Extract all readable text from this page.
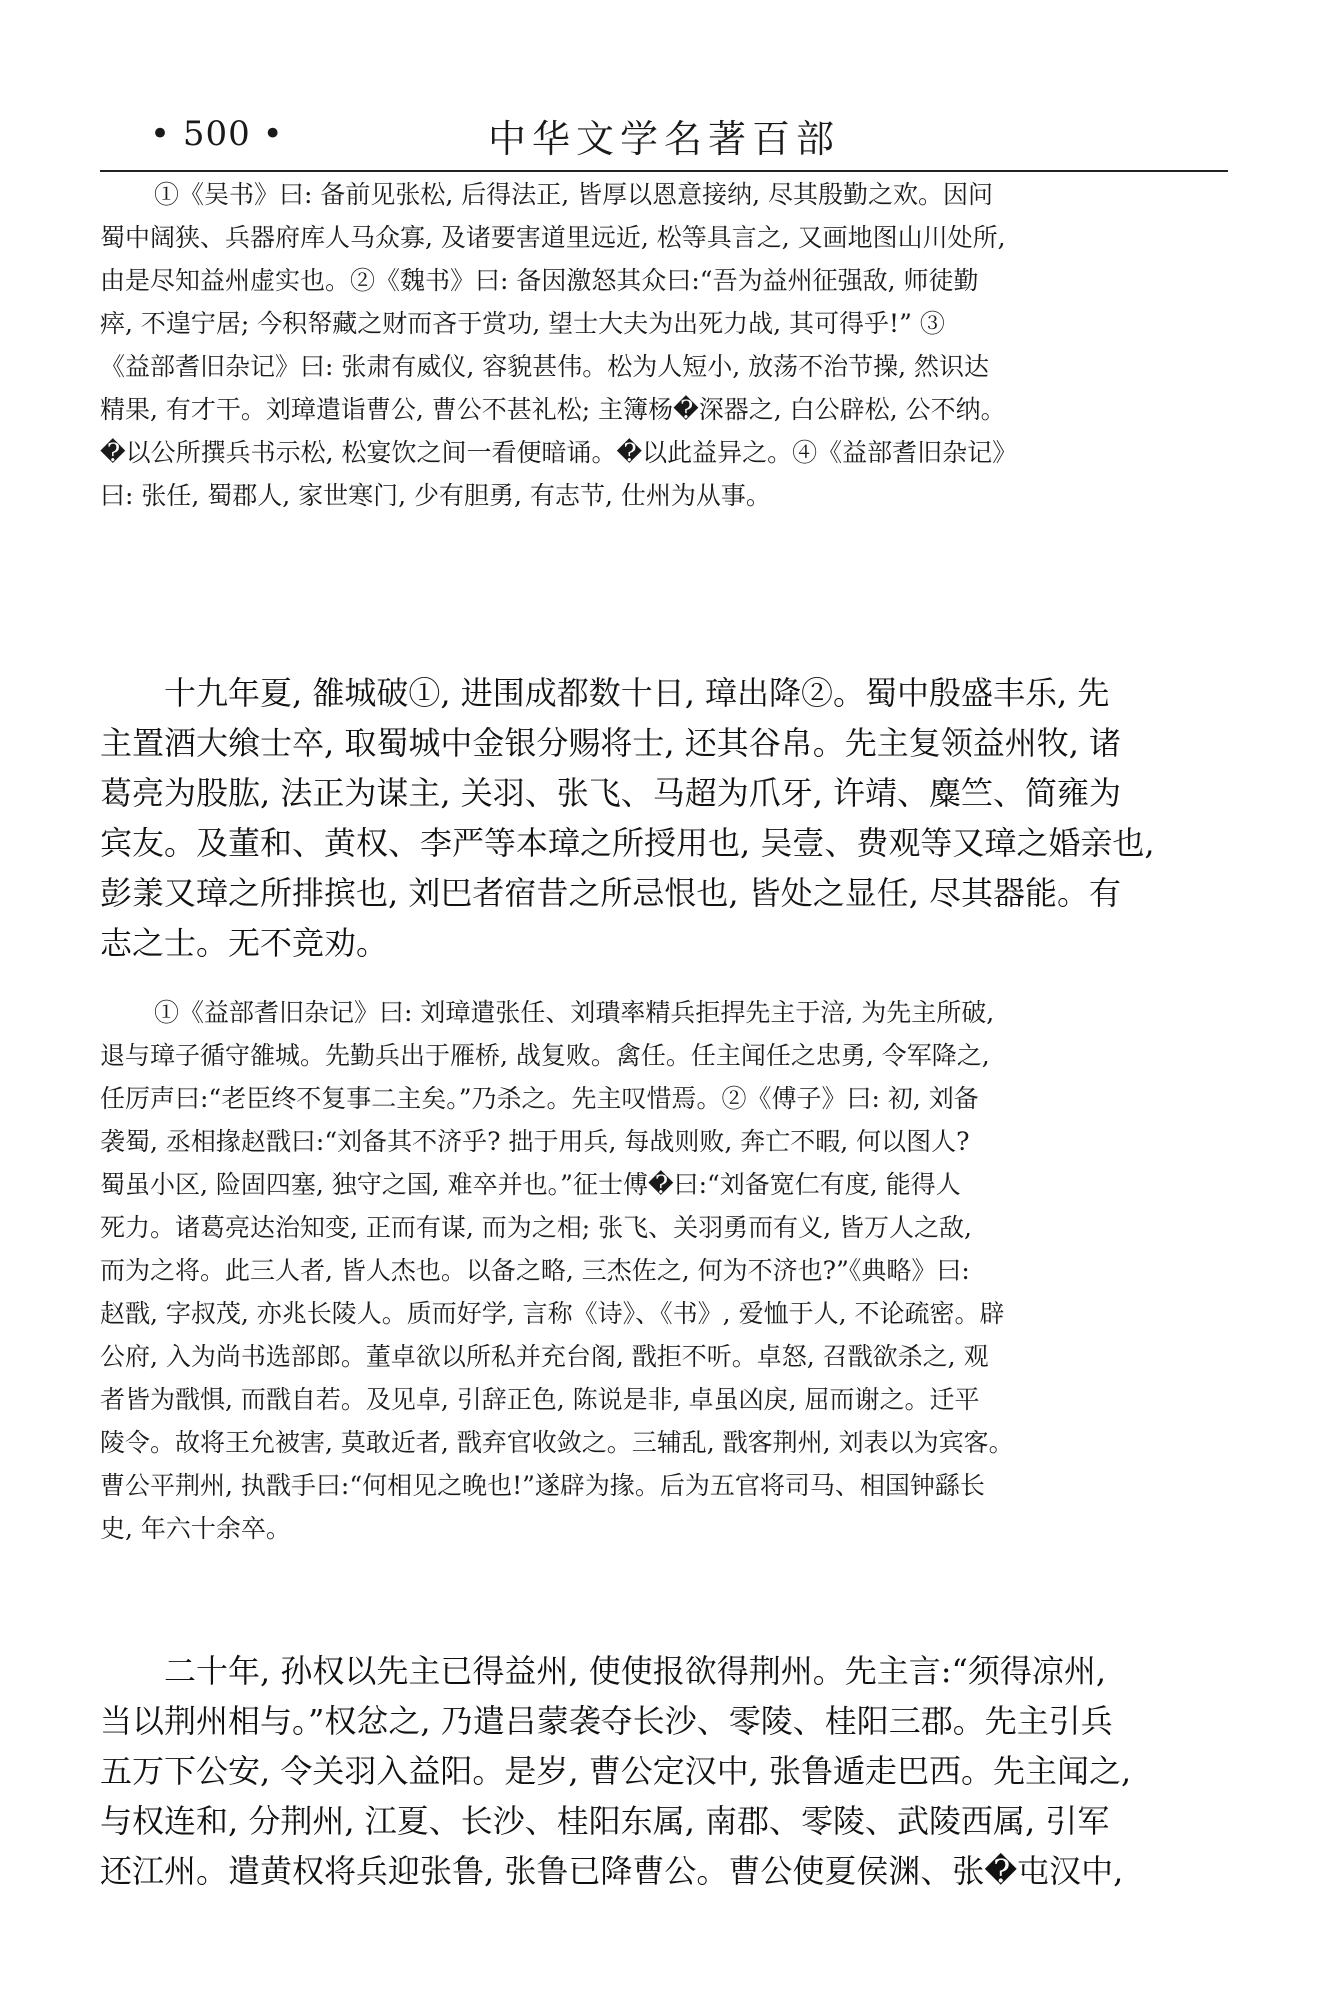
• 500 •	中华文学名著百部
①《吴书》曰: 备前见张松, 后得法正, 皆厚以恩意接纳, 尽其殷勤之欢。因问
蜀中阔狭、兵器府库人马众寡, 及诸要害道里远近, 松等具言之, 又画地图山川处所,
由是尽知益州虚实也。②《魏书》曰: 备因激怒其众曰:“吾为益州征强敌, 师徒勤
瘁, 不遑宁居; 今积帑藏之财而吝于赏功, 望士大夫为出死力战, 其可得乎!” ③
《益部耆旧杂记》曰: 张肃有威仪, 容貌甚伟。松为人短小, 放荡不治节操, 然识达
精果, 有才干。刘璋遣诣曹公, 曹公不甚礼松; 主簿杨�深器之, 白公辟松, 公不纳。
�以公所撰兵书示松, 松宴饮之间一看便暗诵。�以此益异之。④《益部耆旧杂记》
曰: 张任, 蜀郡人, 家世寒门, 少有胆勇, 有志节, 仕州为从事。
十九年夏, 雒城破①, 进围成都数十日, 璋出降②。蜀中殷盛丰乐, 先
主置酒大飨士卒, 取蜀城中金银分赐将士, 还其谷帛。先主复领益州牧, 诸
葛亮为股肱, 法正为谋主, 关羽、张飞、马超为爪牙, 许靖、麋竺、简雍为
宾友。及董和、黄权、李严等本璋之所授用也, 吴壹、费观等又璋之婚亲也,
彭羕又璋之所排摈也, 刘巴者宿昔之所忌恨也, 皆处之显任, 尽其器能。有
志之士。无不竞劝。
①《益部耆旧杂记》曰: 刘璋遣张任、刘璝率精兵拒捍先主于涪, 为先主所破,
退与璋子循守雒城。先勤兵出于雁桥, 战复败。禽任。任主闻任之忠勇, 令军降之,
任厉声曰:“老臣终不复事二主矣。”乃杀之。先主叹惜焉。②《傅子》曰: 初, 刘备
袭蜀, 丞相掾赵戬曰:“刘备其不济乎? 拙于用兵, 每战则败, 奔亡不暇, 何以图人?
蜀虽小区, 险固四塞, 独守之国, 难卒并也。”征士傅�曰:“刘备宽仁有度, 能得人
死力。诸葛亮达治知变, 正而有谋, 而为之相; 张飞、关羽勇而有义, 皆万人之敌,
而为之将。此三人者, 皆人杰也。以备之略, 三杰佐之, 何为不济也?”《典略》曰:
赵戬, 字叔茂, 亦兆长陵人。质而好学, 言称《诗》、《书》, 爱恤于人, 不论疏密。辟
公府, 入为尚书选部郎。董卓欲以所私并充台阁, 戬拒不听。卓怒, 召戬欲杀之, 观
者皆为戬惧, 而戬自若。及见卓, 引辞正色, 陈说是非, 卓虽凶戾, 屈而谢之。迁平
陵令。故将王允被害, 莫敢近者, 戬弃官收敛之。三辅乱, 戬客荆州, 刘表以为宾客。
曹公平荆州, 执戬手曰:“何相见之晚也!”遂辟为掾。后为五官将司马、相国钟繇长
史, 年六十余卒。
二十年, 孙权以先主已得益州, 使使报欲得荆州。先主言:“须得凉州,
当以荆州相与。”权忿之, 乃遣吕蒙袭夺长沙、零陵、桂阳三郡。先主引兵
五万下公安, 令关羽入益阳。是岁, 曹公定汉中, 张鲁遁走巴西。先主闻之,
与权连和, 分荆州, 江夏、长沙、桂阳东属, 南郡、零陵、武陵西属, 引军
还江州。遣黄权将兵迎张鲁, 张鲁已降曹公。曹公使夏侯渊、张�屯汉中,
